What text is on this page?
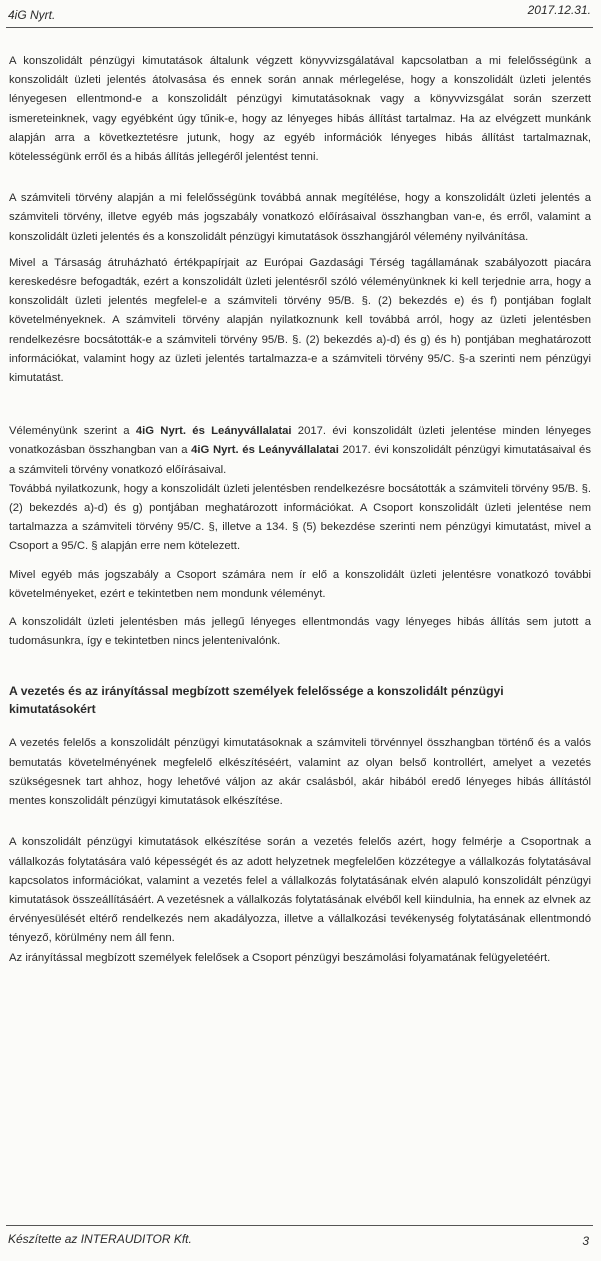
4iG Nyrt.	2017.12.31.

A konszolidált pénzügyi kimutatások általunk végzett könyvvizsgálatával kapcsolatban a mi felelősségünk a konszolidált üzleti jelentés átolvasása és ennek során annak mérlegelése, hogy a konszolidált üzleti jelentés lényegesen ellentmond-e a konszolidált pénzügyi kimutatásoknak vagy a könyvvizsgálat során szerzett ismereteinknek, vagy egyébként úgy tűnik-e, hogy az lényeges hibás állítást tartalmaz. Ha az elvégzett munkánk alapján arra a következtetésre jutunk, hogy az egyéb információk lényeges hibás állítást tartalmaznak, kötelességünk erről és a hibás állítás jellegéről jelentést tenni.

A számviteli törvény alapján a mi felelősségünk továbbá annak megítélése, hogy a konszolidált üzleti jelentés a számviteli törvény, illetve egyéb más jogszabály vonatkozó előírásaival összhangban van-e, és erről, valamint a konszolidált üzleti jelentés és a konszolidált pénzügyi kimutatások összhangjáról vélemény nyilvánítása.

Mivel a Társaság átruházható értékpapírjait az Európai Gazdasági Térség tagállamának szabályozott piacára kereskedésre befogadták, ezért a konszolidált üzleti jelentésről szóló véleményünknek ki kell terjednie arra, hogy a konszolidált üzleti jelentés megfelel-e a számviteli törvény 95/B. §. (2) bekezdés e) és f) pontjában foglalt követelményeknek. A számviteli törvény alapján nyilatkoznunk kell továbbá arról, hogy az üzleti jelentésben rendelkezésre bocsátották-e a számviteli törvény 95/B. §. (2) bekezdés a)-d) és g) és h) pontjában meghatározott információkat, valamint hogy az üzleti jelentés tartalmazza-e a számviteli törvény 95/C. §-a szerinti nem pénzügyi kimutatást.

Véleményünk szerint a 4iG Nyrt. és Leányvállalatai 2017. évi konszolidált üzleti jelentése minden lényeges vonatkozásban összhangban van a 4iG Nyrt. és Leányvállalatai 2017. évi konszolidált pénzügyi kimutatásaival és a számviteli törvény vonatkozó előírásaival.

Továbbá nyilatkozunk, hogy a konszolidált üzleti jelentésben rendelkezésre bocsátották a számviteli törvény 95/B. §. (2) bekezdés a)-d) és g) pontjában meghatározott információkat. A Csoport konszolidált üzleti jelentése nem tartalmazza a számviteli törvény 95/C. §, illetve a 134. § (5) bekezdése szerinti nem pénzügyi kimutatást, mivel a Csoport a 95/C. § alapján erre nem kötelezett.

Mivel egyéb más jogszabály a Csoport számára nem ír elő a konszolidált üzleti jelentésre vonatkozó további követelményeket, ezért e tekintetben nem mondunk véleményt.

A konszolidált üzleti jelentésben más jellegű lényeges ellentmondás vagy lényeges hibás állítás sem jutott a tudomásunkra, így e tekintetben nincs jelentenivalónk.

A vezetés és az irányítással megbízott személyek felelőssége a konszolidált pénzügyi kimutatásokért

A vezetés felelős a konszolidált pénzügyi kimutatásoknak a számviteli törvénnyel összhangban történő és a valós bemutatás követelményének megfelelő elkészítéséért, valamint az olyan belső kontrollért, amelyet a vezetés szükségesnek tart ahhoz, hogy lehetővé váljon az akár csalásból, akár hibából eredő lényeges hibás állítástól mentes konszolidált pénzügyi kimutatások elkészítése.

A konszolidált pénzügyi kimutatások elkészítése során a vezetés felelős azért, hogy felmérje a Csoportnak a vállalkozás folytatására való képességét és az adott helyzetnek megfelelően közzétegye a vállalkozás folytatásával kapcsolatos információkat, valamint a vezetés felel a vállalkozás folytatásának elvén alapuló konszolidált pénzügyi kimutatások összeállításáért. A vezetésnek a vállalkozás folytatásának elvéből kell kiindulnia, ha ennek az elvnek az érvényesülését eltérő rendelkezés nem akadályozza, illetve a vállalkozási tevékenység folytatásának ellentmondó tényező, körülmény nem áll fenn.

Az irányítással megbízott személyek felelősek a Csoport pénzügyi beszámolási folyamatának felügyeletéért.

Készítette az INTERAUDITOR Kft.	3
